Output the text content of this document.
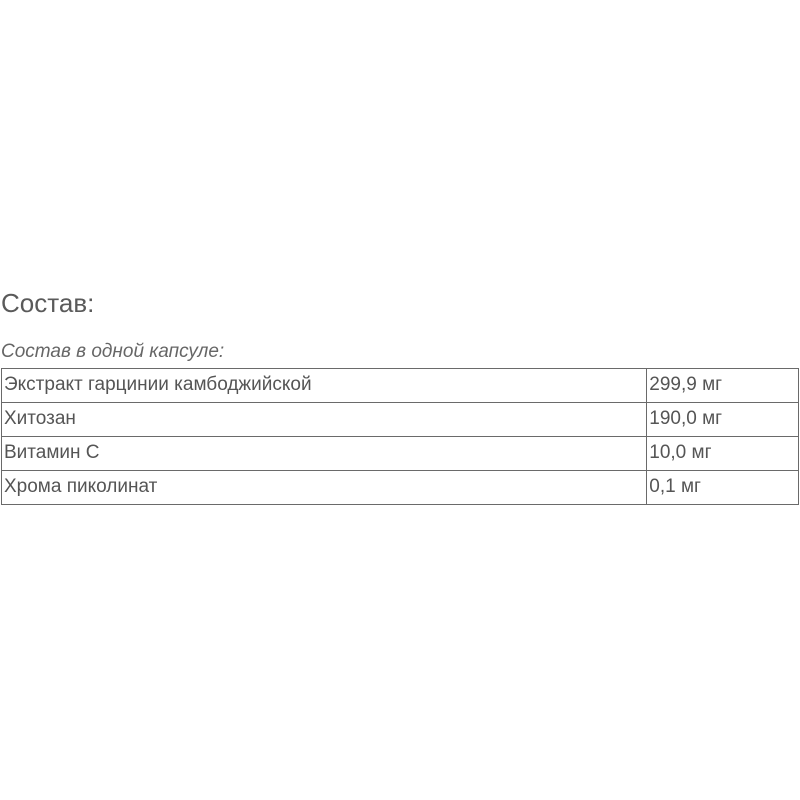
Состав:
Состав в одной капсуле:
Экстракт гарцинии камбоджийской	299,9 мг
Хитозан	190,0 мг
Витамин С	10,0 мг
Хрома пиколинат	0,1 мг
